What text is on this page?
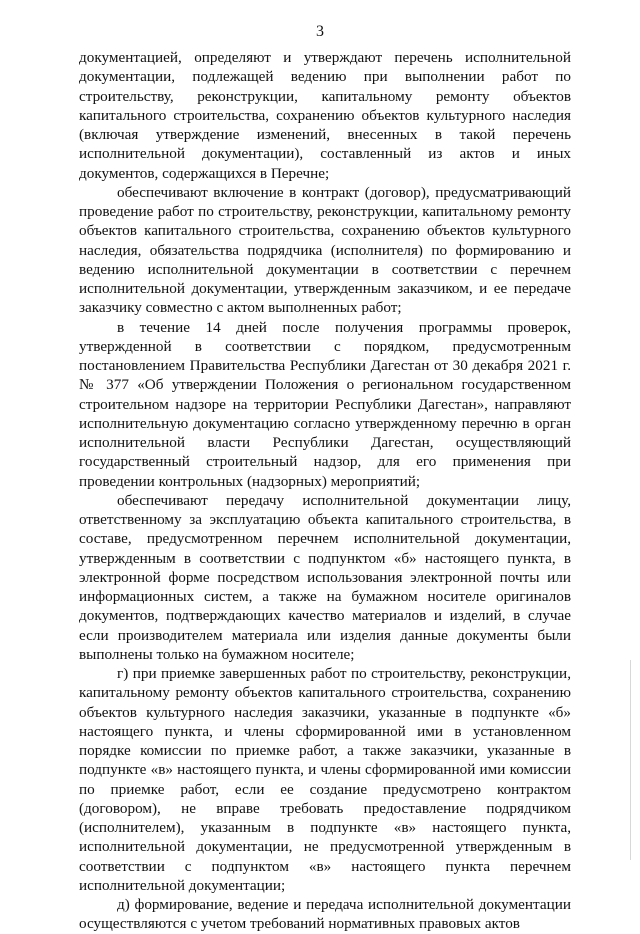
3

документацией, определяют и утверждают перечень исполнительной документации, подлежащей ведению при выполнении работ по строительству, реконструкции, капитальному ремонту объектов капитального строительства, сохранению объектов культурного наследия (включая утверждение изменений, внесенных в такой перечень исполнительной документации), составленный из актов и иных документов, содержащихся в Перечне;

обеспечивают включение в контракт (договор), предусматривающий проведение работ по строительству, реконструкции, капитальному ремонту объектов капитального строительства, сохранению объектов культурного наследия, обязательства подрядчика (исполнителя) по формированию и ведению исполнительной документации в соответствии с перечнем исполнительной документации, утвержденным заказчиком, и ее передаче заказчику совместно с актом выполненных работ;

в течение 14 дней после получения программы проверок, утвержденной в соответствии с порядком, предусмотренным постановлением Правительства Республики Дагестан от 30 декабря 2021 г. № 377 «Об утверждении Положения о региональном государственном строительном надзоре на территории Республики Дагестан», направляют исполнительную документацию согласно утвержденному перечню в орган исполнительной власти Республики Дагестан, осуществляющий государственный строительный надзор, для его применения при проведении контрольных (надзорных) мероприятий;

обеспечивают передачу исполнительной документации лицу, ответственному за эксплуатацию объекта капитального строительства, в составе, предусмотренном перечнем исполнительной документации, утвержденным в соответствии с подпунктом «б» настоящего пункта, в электронной форме посредством использования электронной почты или информационных систем, а также на бумажном носителе оригиналов документов, подтверждающих качество материалов и изделий, в случае если производителем материала или изделия данные документы были выполнены только на бумажном носителе;

г) при приемке завершенных работ по строительству, реконструкции, капитальному ремонту объектов капитального строительства, сохранению объектов культурного наследия заказчики, указанные в подпункте «б» настоящего пункта, и члены сформированной ими в установленном порядке комиссии по приемке работ, а также заказчики, указанные в подпункте «в» настоящего пункта, и члены сформированной ими комиссии по приемке работ, если ее создание предусмотрено контрактом (договором), не вправе требовать предоставление подрядчиком (исполнителем), указанным в подпункте «в» настоящего пункта, исполнительной документации, не предусмотренной утвержденным в соответствии с подпунктом «в» настоящего пункта перечнем исполнительной документации;

д) формирование, ведение и передача исполнительной документации осуществляются с учетом требований нормативных правовых актов
